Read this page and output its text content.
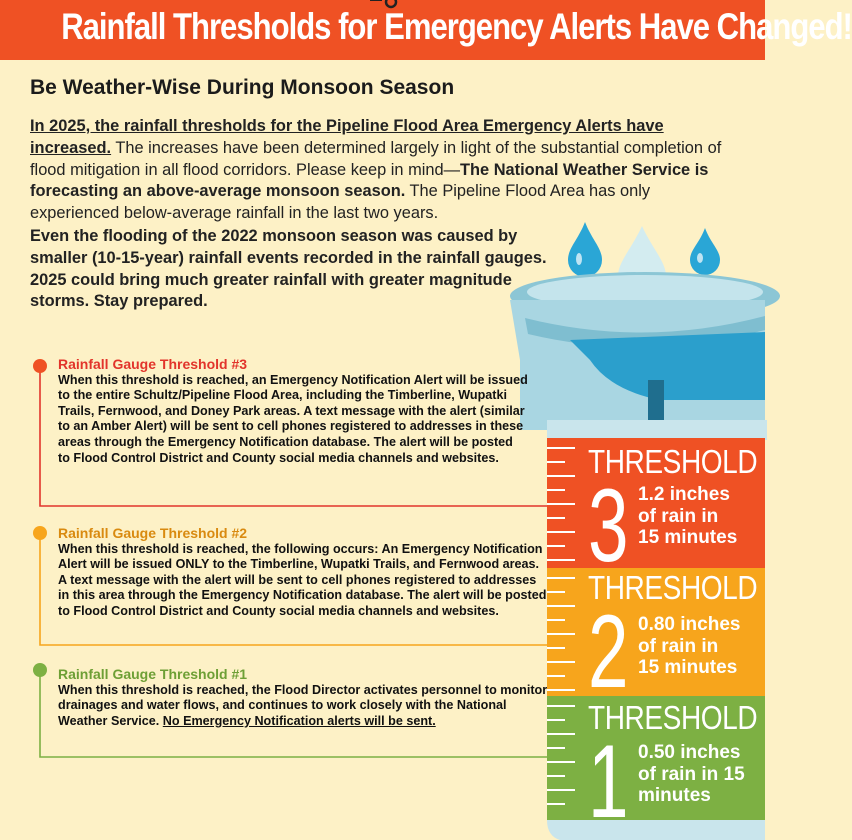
Rainfall Thresholds for Emergency Alerts Have Changed!
Be Weather-Wise During Monsoon Season
In 2025, the rainfall thresholds for the Pipeline Flood Area Emergency Alerts have increased. The increases have been determined largely in light of the substantial completion of flood mitigation in all flood corridors. Please keep in mind—The National Weather Service is forecasting an above-average monsoon season. The Pipeline Flood Area has only experienced below-average rainfall in the last two years.
Rainfall Gauge Threshold #3
When this threshold is reached, an Emergency Notification Alert will be issued to the entire Schultz/Pipeline Flood Area, including the Timberline, Wupatki Trails, Fernwood, and Doney Park areas. A text message with the alert (similar to an Amber Alert) will be sent to cell phones registered to addresses in these areas through the Emergency Notification database. The alert will be posted to Flood Control District and County social media channels and websites.
Rainfall Gauge Threshold #2
When this threshold is reached, the following occurs: An Emergency Notification Alert will be issued ONLY to the Timberline, Wupatki Trails, and Fernwood areas. A text message with the alert will be sent to cell phones registered to addresses in this area through the Emergency Notification database. The alert will be posted to Flood Control District and County social media channels and websites.
Rainfall Gauge Threshold #1
When this threshold is reached, the Flood Director activates personnel to monitor drainages and water flows, and continues to work closely with the National Weather Service. No Emergency Notification alerts will be sent.
THRESHOLD
3 1.2 inches
of rain in
15 minutes
THRESHOLD
2 0.80 inches
of rain in
15 minutes
THRESHOLD
1 0.50 inches
of rain in 15
minutes
Even the flooding of the 2022 monsoon season was caused by smaller (10-15-year) rainfall events recorded in the rainfall gauges. 2025 could bring much greater rainfall with greater magnitude storms. Stay prepared.
